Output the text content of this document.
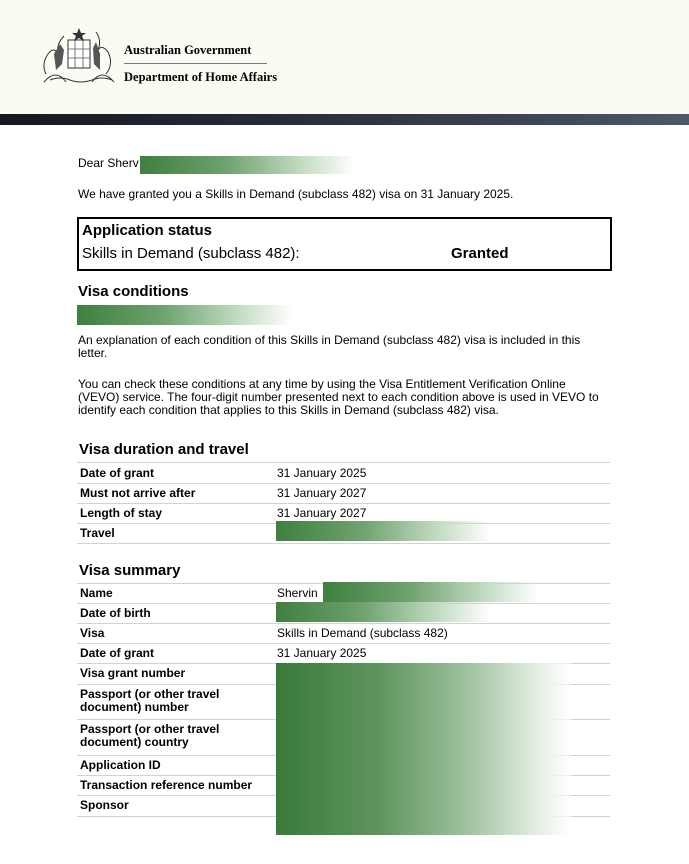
Australian Government
Department of Home Affairs
Dear Sherv
We have granted you a Skills in Demand (subclass 482) visa on 31 January 2025.
Application status
Skills in Demand (subclass 482):	Granted
Visa conditions
An explanation of each condition of this Skills in Demand (subclass 482) visa is included in this letter.
You can check these conditions at any time by using the Visa Entitlement Verification Online (VEVO) service. The four-digit number presented next to each condition above is used in VEVO to identify each condition that applies to this Skills in Demand (subclass 482) visa.
Visa duration and travel
Date of grant	31 January 2025
Must not arrive after	31 January 2027
Length of stay	31 January 2027
Travel
Visa summary
Name	Shervin
Date of birth
Visa	Skills in Demand (subclass 482)
Date of grant	31 January 2025
Visa grant number
Passport (or other travel document) number
Passport (or other travel document) country
Application ID
Transaction reference number
Sponsor
